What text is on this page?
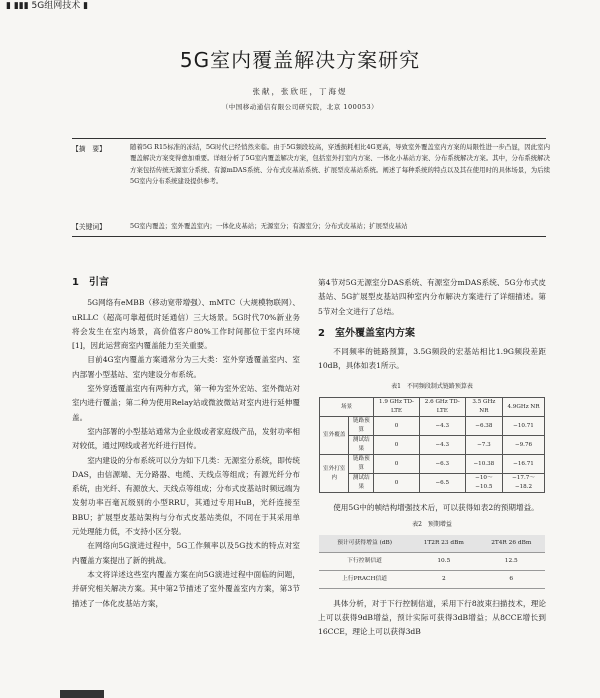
▮ ▮▮▮ 5G组网技术 ▮
5G室内覆盖解决方案研究
张献，张欣旺，丁海煜
（中国移动通信有限公司研究院，北京 100053）
【摘　要】	随着5G R15标准的冻结，5G时代已经悄然来临。由于5G频段较高，穿透损耗相比4G更高，导致室外覆盖室内方案的局限性进一步凸显，因此室内覆盖解决方案变得愈加重要。详细分析了5G室内覆盖解决方案，包括室外打室内方案、一体化小基站方案、分布系统解决方案。其中，分布系统解决方案包括传统无源室分系统、有源mDAS系统、分布式皮基站系统、扩展型皮基站系统。阐述了每种系统的特点以及其在使用时的具体场景，为后续5G室内分布系统建设提供参考。
【关键词】	5G室内覆盖；室外覆盖室内；一体化皮基站；无源室分；有源室分；分布式皮基站；扩展型皮基站
1　引言

5G网络有eMBB（移动宽带增强）、mMTC（大规模物联网）、uRLLC（超高可靠超低时延通信）三大场景。5G时代70%新业务将会发生在室内场景，高价值客户80%工作时间都位于室内环境[1]，因此运营商室内覆盖能力至关重要。

目前4G室内覆盖方案通常分为三大类：室外穿透覆盖室内、室内部署小型基站、室内建设分布系统。

室外穿透覆盖室内有两种方式，第一种为室外宏站、室外微站对室内进行覆盖；第二种为使用Relay站或微波微站对室内进行延伸覆盖。

室内部署的小型基站通常为企业级或者家庭级产品，发射功率相对较低，通过网线或者光纤进行回传。

室内建设的分布系统可以分为如下几类：无源室分系统，即传统DAS，由信源端、无分路器、电缆、天线点等组成；有源光纤分布系统，由光纤、有源放大、天线点等组成；分布式皮基站时频远端为发射功率百毫瓦级别的小型RRU，其通过专用HuB，光纤连接至BBU；扩展型皮基站架构与分布式皮基站类似，不同在于其采用单元处理能力低，不支持小区分裂。

在网络向5G演进过程中，5G工作频率以及5G技术的特点对室内覆盖方案提出了新的挑战。

本文将详述这些室内覆盖方案在向5G演进过程中面临的问题，并研究相关解决方案。其中第2节描述了室外覆盖室内方案，第3节描述了一体化皮基站方案，

第4节对5G无源室分DAS系统、有源室分mDAS系统、5G分布式皮基站、5G扩展型皮基站四种室内分布解决方案进行了详细描述。第5节对全文进行了总结。

2　室外覆盖室内方案

不同频率的链路预算，3.5G频段的宏基站相比1.9G频段差距10dB，具体如表1所示。

表1　不同频段制式链路预算表
场景		1.9 GHz TD-LTE	2.6 GHz TD-LTE	3.5 GHz NR	4.9GHz NR
室外覆盖	链路预算	0	−4.3	−6.38	−10.71
	测试结果	0	−4.3	−7.3	−9.76
室外打室内	链路预算	0	−6.3	−10.38	−16.71
	测试结果	0	−6.5	−10～−10.5	−17.7～−18.2

使用5G中的帧结构增强技术后，可以获得如表2的预期增益。

表2　预期增益
预计可获得增益 (dB)	1T2R 23 dBm	2T4R 26 dBm
下行控制信道	10.5	12.5
上行PRACH信道	2	6

具体分析，对于下行控制信道，采用下行8波束扫描技术，理论上可以获得9dB增益，预计实际可获得3dB增益；从8CCE增长到16CCE，理论上可以获得3dB
